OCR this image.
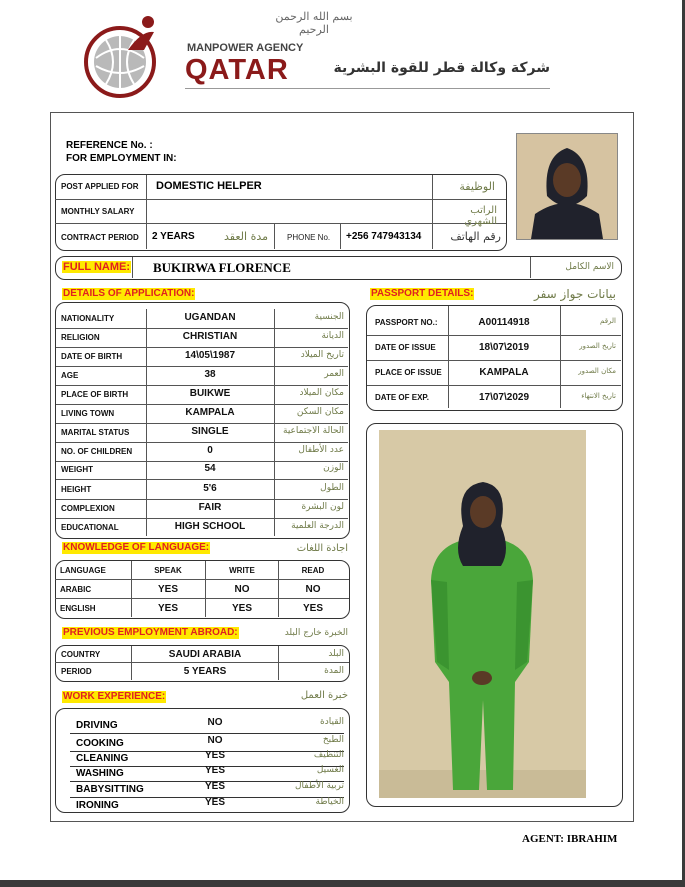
بسم الله الرحمن الرحيم
MANPOWER AGENCY
QATAR	شركة وكالة قطر للقوة البشرية
REFERENCE No. :
FOR EMPLOYMENT IN:
POST APPLIED FOR DOMESTIC HELPER	الوظيفة
MONTHLY SALARY	الراتب الشهري
CONTRACT PERIOD 2 YEARS	مدة العقد PHONE No. +256 747943134	رقم الهاتف
FULL NAME: BUKIRWA FLORENCE	الاسم الكامل
DETAILS OF APPLICATION:
NATIONALITY	UGANDAN	الجنسية
RELIGION	CHRISTIAN	الديانة
DATE OF BIRTH	14\05\1987	تاريخ الميلاد
AGE	38	العمر
PLACE OF BIRTH	BUIKWE	مكان الميلاد
LIVING TOWN	KAMPALA	مكان السكن
MARITAL STATUS	SINGLE	الحالة الاجتماعية
NO. OF CHILDREN	0	عدد الأطفال
WEIGHT	54	الوزن
HEIGHT	5'6	الطول
COMPLEXION	FAIR	لون البشرة
EDUCATIONAL	HIGH SCHOOL	الدرجة العلمية
PASSPORT DETAILS:	بيانات جواز سفر
PASSPORT NO.:	A00114918	الرقم
DATE OF ISSUE	18\07\2019	تاريخ الصدور
PLACE OF ISSUE	KAMPALA	مكان الصدور
DATE OF EXP.	17\07\2029	تاريخ الانتهاء
KNOWLEDGE OF LANGUAGE:	اجادة اللغات
LANGUAGE	SPEAK	WRITE	READ
ARABIC	YES	NO	NO
ENGLISH	YES	YES	YES
PREVIOUS EMPLOYMENT ABROAD:	الخبرة خارج البلد
COUNTRY	SAUDI ARABIA	البلد
PERIOD	5 YEARS	المدة
WORK EXPERIENCE:	خبرة العمل
DRIVING	NO	القيادة
COOKING	NO	الطبخ
CLEANING	YES	التنظيف
WASHING	YES	الغسيل
BABYSITTING	YES	تربية الأطفال
IRONING	YES	الخياطة
AGENT: IBRAHIM
